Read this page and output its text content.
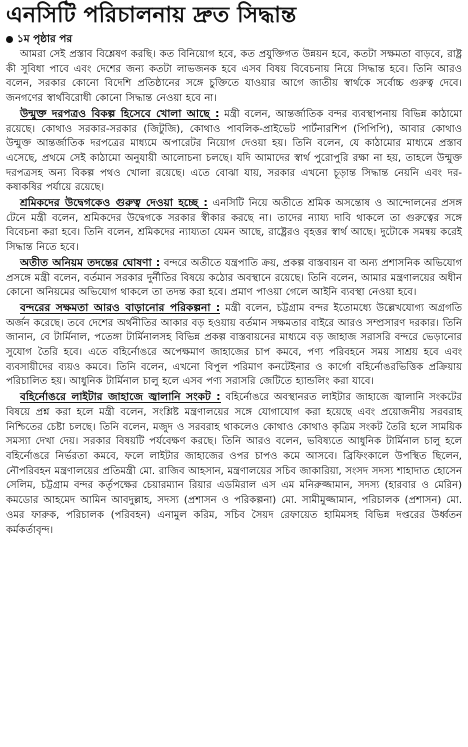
এনসিটি পরিচালনায় দ্রুত সিদ্ধান্ত
১ম পৃষ্ঠার পর

আমরা সেই প্রস্তাব বিশ্লেষণ করছি। কত বিনিয়োগ হবে, কত প্রযুক্তিগত উন্নয়ন হবে, কতটা সক্ষমতা বাড়বে, রাষ্ট্র কী সুবিধা পাবে এবং দেশের জন্য কতটা লাভজনক হবে এসব বিষয় বিবেচনায় নিয়ে সিদ্ধান্ত হবে। তিনি আরও বলেন, সরকার কোনো বিদেশি প্রতিষ্ঠানের সঙ্গে চুক্তিতে যাওয়ার আগে জাতীয় স্বার্থকে সর্বোচ্চ গুরুত্ব দেবে। জনগণের স্বার্থবিরোধী কোনো সিদ্ধান্ত নেওয়া হবে না।

উন্মুক্ত দরপত্রও বিকল্প হিসেবে খোলা আছে : মন্ত্রী বলেন, আন্তর্জাতিক বন্দর ব্যবস্থাপনায় বিভিন্ন কাঠামো রয়েছে। কোথাও সরকার-সরকার (জিটুজি), কোথাও পাবলিক-প্রাইভেট পার্টনারশিপ (পিপিপি), আবার কোথাও উন্মুক্ত আন্তর্জাতিক দরপত্রের মাধ্যমে অপারেটর নিয়োগ দেওয়া হয়। তিনি বলেন, যে কাঠামোর মাধ্যমে প্রস্তাব এসেছে, প্রথমে সেই কাঠামো অনুযায়ী আলোচনা চলছে। যদি আমাদের স্বার্থ পুরোপুরি রক্ষা না হয়, তাহলে উন্মুক্ত দরপত্রসহ অন্য বিকল্প পথও খোলা রয়েছে। এতে বোঝা যায়, সরকার এখনো চূড়ান্ত সিদ্ধান্ত নেয়নি এবং দর-কষাকষির পর্যায়ে রয়েছে।

শ্রমিকদের উদ্বেগকেও গুরুত্ব দেওয়া হচ্ছে : এনসিটি নিয়ে অতীতে শ্রমিক অসন্তোষ ও আন্দোলনের প্রসঙ্গ টেনে মন্ত্রী বলেন, শ্রমিকদের উদ্বেগকে সরকার স্বীকার করছে না। তাদের ন্যায্য দাবি থাকলে তা গুরুত্বের সঙ্গে বিবেচনা করা হবে। তিনি বলেন, শ্রমিকদের ন্যায্যতা যেমন আছে, রাষ্ট্রেরও বৃহত্তর স্বার্থ আছে। দুটোকে সমন্বয় করেই সিদ্ধান্ত নিতে হবে।

অতীত অনিয়ম তদন্তের ঘোষণা : বন্দরে অতীতে যন্ত্রপাতি ক্রয়, প্রকল্প বাস্তবায়ন বা অন্য প্রশাসনিক অভিযোগ প্রসঙ্গে মন্ত্রী বলেন, বর্তমান সরকার দুর্নীতির বিষয়ে কঠোর অবস্থানে রয়েছে। তিনি বলেন, আমার মন্ত্রণালয়ের অধীন কোনো অনিয়মের অভিযোগ থাকলে তা তদন্ত করা হবে। প্রমাণ পাওয়া গেলে আইনি ব্যবস্থা নেওয়া হবে।

বন্দরের সক্ষমতা আরও বাড়ানোর পরিকল্পনা : মন্ত্রী বলেন, চট্টগ্রাম বন্দর ইতোমধ্যে উল্লেখযোগ্য অগ্রগতি অর্জন করেছে। তবে দেশের অর্থনীতির আকার বড় হওয়ায় বর্তমান সক্ষমতার বাইরে আরও সম্প্রসারণ দরকার। তিনি জানান, বে টার্মিনাল, পতেঙ্গা টার্মিনালসহ বিভিন্ন প্রকল্প বাস্তবায়নের মাধ্যমে বড় জাহাজ সরাসরি বন্দরে ভেড়ানোর সুযোগ তৈরি হবে। এতে বহির্নোঙরে অপেক্ষমাণ জাহাজের চাপ কমবে, পণ্য পরিবহনে সময় সাশ্রয় হবে এবং ব্যবসায়ীদের ব্যয়ও কমবে। তিনি বলেন, এখনো বিপুল পরিমাণ কনটেইনার ও কার্গো বহির্নোঙরভিত্তিক প্রক্রিয়ায় পরিচালিত হয়। আধুনিক টার্মিনাল চালু হলে এসব পণ্য সরাসরি জেটিতে হ্যান্ডলিং করা যাবে।

বহির্নোঙরে লাইটার জাহাজে জ্বালানি সংকট : বহির্নোঙরে অবস্থানরত লাইটার জাহাজে জ্বালানি সংকটের বিষয়ে প্রশ্ন করা হলে মন্ত্রী বলেন, সংশ্লিষ্ট মন্ত্রণালয়ের সঙ্গে যোগাযোগ করা হয়েছে এবং প্রয়োজনীয় সরবরাহ নিশ্চিতের চেষ্টা চলছে। তিনি বলেন, মজুদ ও সরবরাহ থাকলেও কোথাও কোথাও কৃত্রিম সংকট তৈরি হলে সাময়িক সমস্যা দেখা দেয়। সরকার বিষয়টি পর্যবেক্ষণ করছে। তিনি আরও বলেন, ভবিষ্যতে আধুনিক টার্মিনাল চালু হলে বহির্নোঙরে নির্ভরতা কমবে, ফলে লাইটার জাহাজের ওপর চাপও কমে আসবে। ব্রিফিংকালে উপস্থিত ছিলেন, নৌপরিবহন মন্ত্রণালয়ের প্রতিমন্ত্রী মো. রাজিব আহসান, মন্ত্রণালয়ের সচিব জাকারিয়া, সংসদ সদস্য শাহাদাত হোসেন সেলিম, চট্টগ্রাম বন্দর কর্তৃপক্ষের চেয়ারম্যান রিয়ার এডমিরাল এস এম মনিরুজ্জামান, সদস্য (হারবার ও মেরিন) কমডোর আহমেদ আমিন আবদুল্লাহ, সদস্য (প্রশাসন ও পরিকল্পনা) মো. সামীমুজ্জামান, পরিচালক (প্রশাসন) মো. ওমর ফারুক, পরিচালক (পরিবহন) এনামুল করিম, সচিব সৈয়দ রেফায়েত হামিমসহ বিভিন্ন দপ্তরের উর্ধ্বতন কর্মকর্তাবৃন্দ।
